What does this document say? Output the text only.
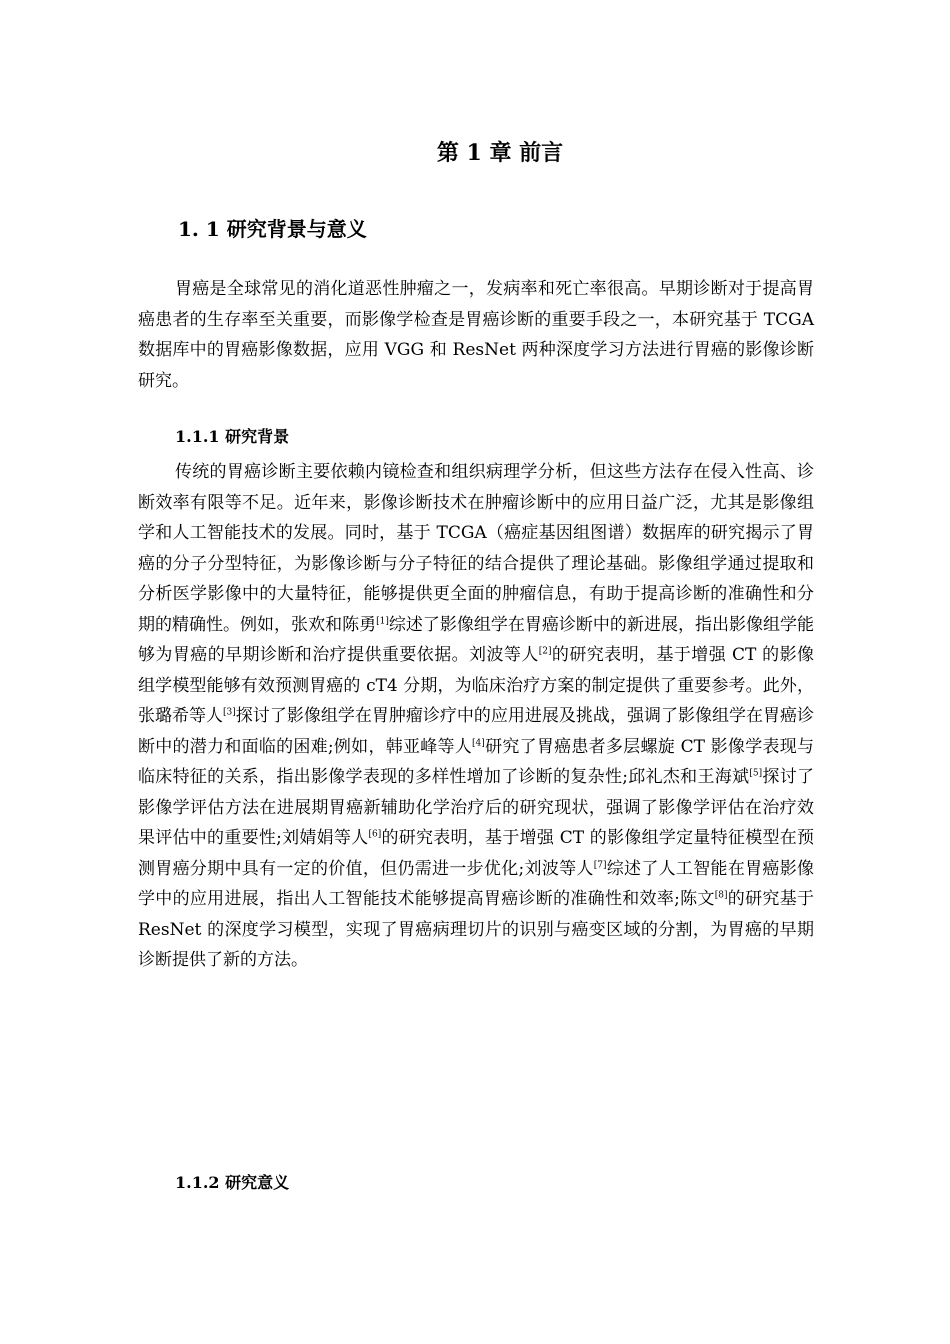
第 1 章 前言
1. 1 研究背景与意义

胃癌是全球常见的消化道恶性肿瘤之一，发病率和死亡率很高。早期诊断对于提高胃癌患者的生存率至关重要，而影像学检查是胃癌诊断的重要手段之一，本研究基于 TCGA 数据库中的胃癌影像数据，应用 VGG 和 ResNet 两种深度学习方法进行胃癌的影像诊断研究。

1.1.1 研究背景

传统的胃癌诊断主要依赖内镜检查和组织病理学分析，但这些方法存在侵入性高、诊断效率有限等不足。近年来，影像诊断技术在肿瘤诊断中的应用日益广泛，尤其是影像组学和人工智能技术的发展。同时，基于 TCGA（癌症基因组图谱）数据库的研究揭示了胃癌的分子分型特征，为影像诊断与分子特征的结合提供了理论基础。影像组学通过提取和分析医学影像中的大量特征，能够提供更全面的肿瘤信息，有助于提高诊断的准确性和分期的精确性。例如，张欢和陈勇[1]综述了影像组学在胃癌诊断中的新进展，指出影像组学能够为胃癌的早期诊断和治疗提供重要依据。刘波等人[2]的研究表明，基于增强 CT 的影像组学模型能够有效预测胃癌的 cT4 分期，为临床治疗方案的制定提供了重要参考。此外，张璐希等人[3]探讨了影像组学在胃肿瘤诊疗中的应用进展及挑战，强调了影像组学在胃癌诊断中的潜力和面临的困难;例如，韩亚峰等人[4]研究了胃癌患者多层螺旋 CT 影像学表现与临床特征的关系，指出影像学表现的多样性增加了诊断的复杂性;邱礼杰和王海斌[5]探讨了影像学评估方法在进展期胃癌新辅助化学治疗后的研究现状，强调了影像学评估在治疗效果评估中的重要性;刘婧娟等人[6]的研究表明，基于增强 CT 的影像组学定量特征模型在预测胃癌分期中具有一定的价值，但仍需进一步优化;刘波等人[7]综述了人工智能在胃癌影像学中的应用进展，指出人工智能技术能够提高胃癌诊断的准确性和效率;陈文[8]的研究基于 ResNet 的深度学习模型，实现了胃癌病理切片的识别与癌变区域的分割，为胃癌的早期诊断提供了新的方法。

1.1.2 研究意义
